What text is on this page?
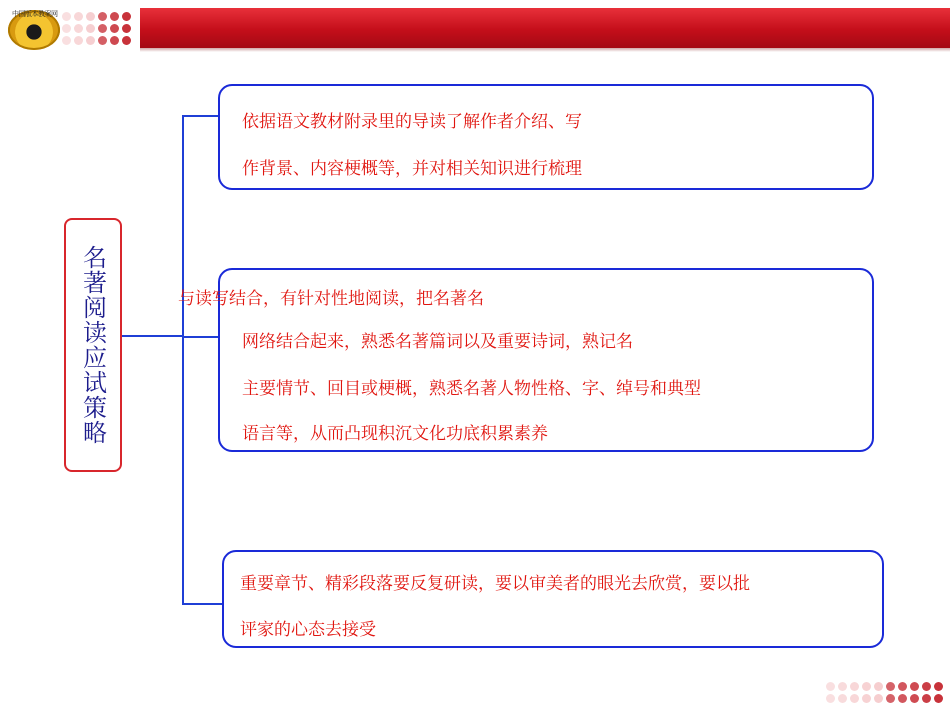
中国版本教案网
名著阅读应试策略
依据语文教材附录里的导读了解作者介绍、写
作背景、内容梗概等，并对相关知识进行梳理
与读写结合，有针对性地阅读，把名著名
网络结合起来，熟悉名著篇词以及重要诗词，熟记名
主要情节、回目或梗概，熟悉名著人物性格、字、绰号和典型
语言等，从而凸现积沉文化功底积累素养
重要章节、精彩段落要反复研读，要以审美者的眼光去欣赏，要以批
评家的心态去接受
